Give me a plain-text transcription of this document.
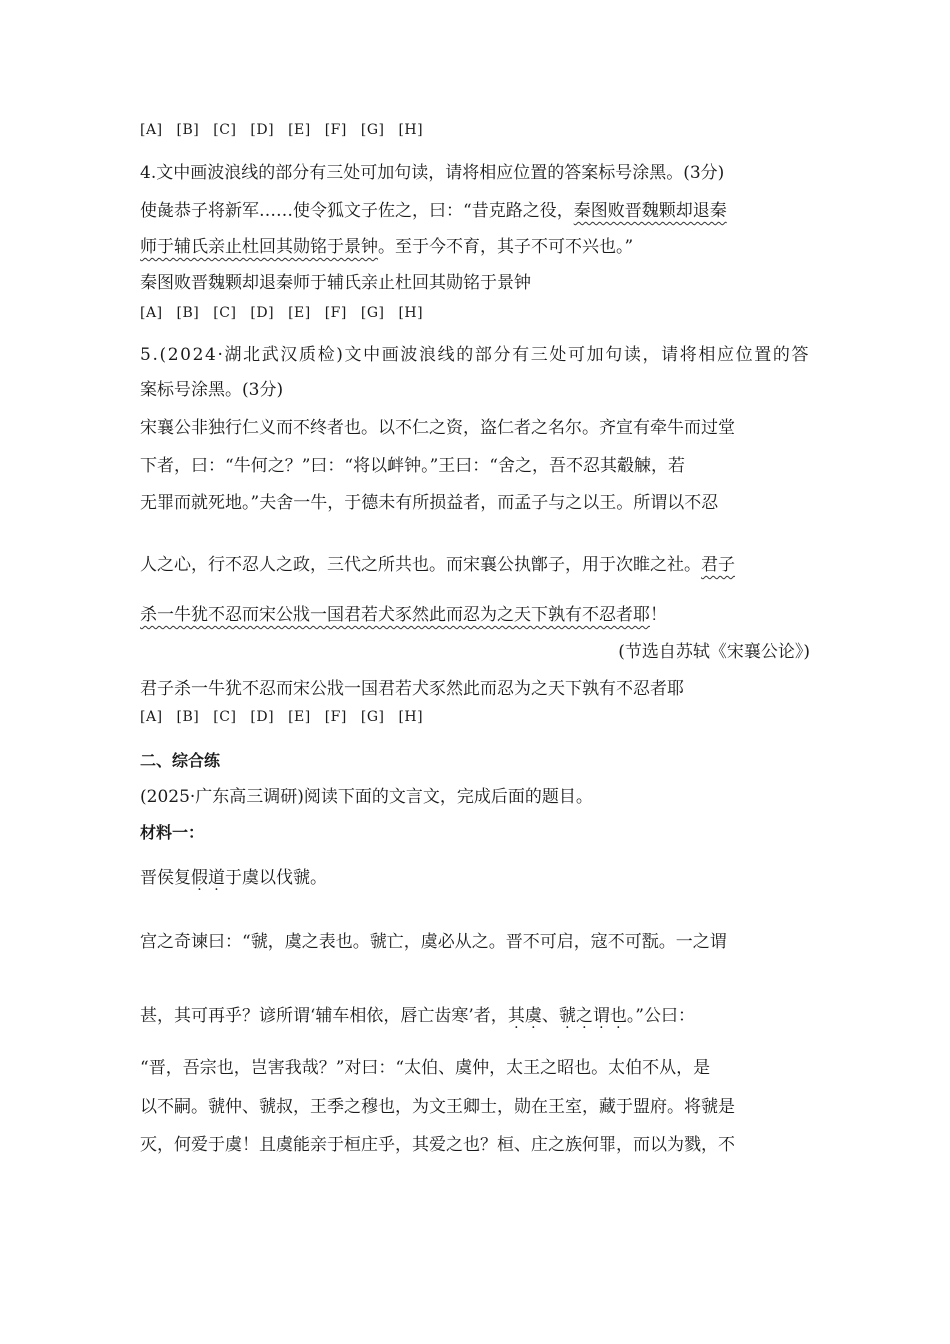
[A] [B] [C] [D] [E] [F] [G] [H]
4.文中画波浪线的部分有三处可加句读，请将相应位置的答案标号涂黑。(3分)
使彘恭子将新军……使令狐文子佐之，曰：“昔克路之役，秦图败晋魏颗却退秦
师于辅氏亲止杜回其勋铭于景钟。至于今不育，其子不可不兴也。”
秦图败晋魏颗却退秦师于辅氏亲止杜回其勋铭于景钟
[A] [B] [C] [D] [E] [F] [G] [H]
5.(2024·湖北武汉质检)文中画波浪线的部分有三处可加句读，请将相应位置的答
案标号涂黑。(3分)
宋襄公非独行仁义而不终者也。以不仁之资，盗仁者之名尔。齐宣有牵牛而过堂
下者，曰：“牛何之？”曰：“将以衅钟。”王曰：“舍之，吾不忍其觳觫，若
无罪而就死地。”夫舍一牛，于德未有所损益者，而孟子与之以王。所谓以不忍
人之心，行不忍人之政，三代之所共也。而宋襄公执鄫子，用于次睢之社。君子
杀一牛犹不忍而宋公戕一国君若犬豕然此而忍为之天下孰有不忍者耶！
(节选自苏轼《宋襄公论》)
君子杀一牛犹不忍而宋公戕一国君若犬豕然此而忍为之天下孰有不忍者耶
[A] [B] [C] [D] [E] [F] [G] [H]
二、综合练
(2025·广东高三调研)阅读下面的文言文，完成后面的题目。
材料一：
晋侯复假道于虞以伐虢。
宫之奇谏曰：“虢，虞之表也。虢亡，虞必从之。晋不可启，寇不可翫。一之谓
甚，其可再乎？谚所谓‘辅车相依，唇亡齿寒’者，其虞、虢之谓也。”公曰：
“晋，吾宗也，岂害我哉？”对曰：“太伯、虞仲，太王之昭也。太伯不从，是
以不嗣。虢仲、虢叔，王季之穆也，为文王卿士，勋在王室，藏于盟府。将虢是
灭，何爱于虞！且虞能亲于桓庄乎，其爱之也？桓、庄之族何罪，而以为戮，不
